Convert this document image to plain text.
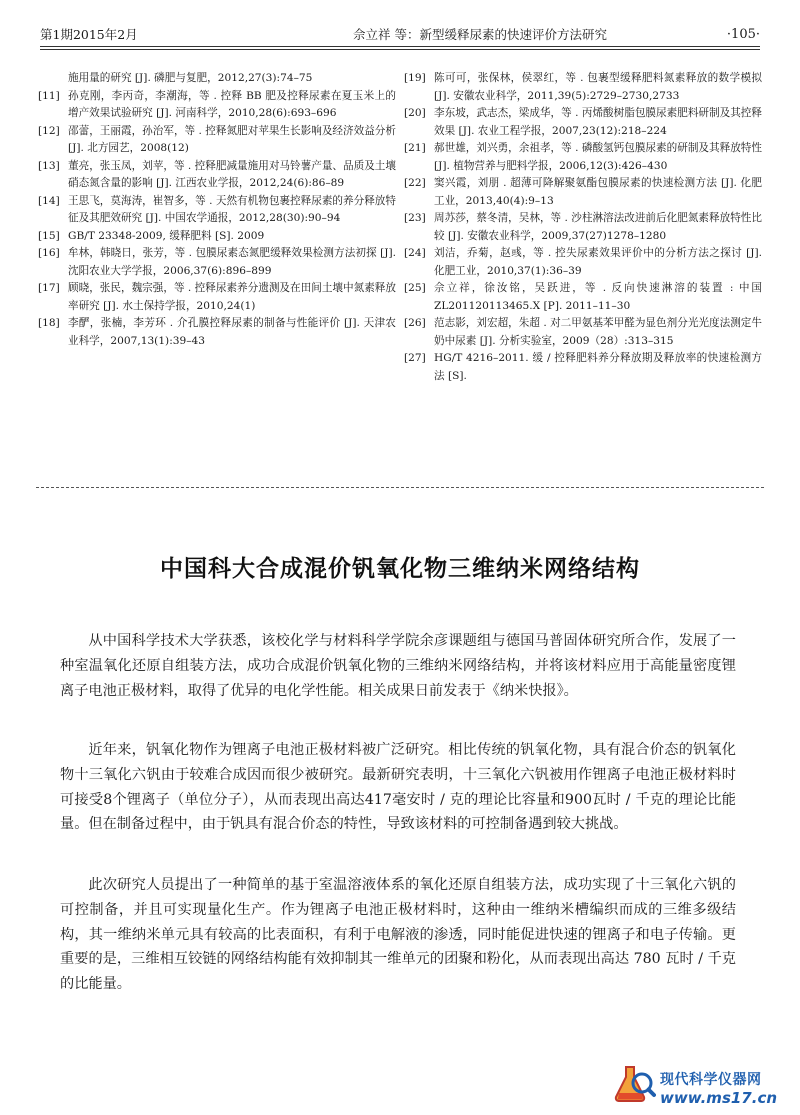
第1期2015年2月	佘立祥 等：新型缓释尿素的快速评价方法研究	·105·
施用量的研究 [J]. 磷肥与复肥，2012,27(3):74–75
[11] 孙克刚，李丙奇，李潮海，等 . 控释 BB 肥及控释尿素在夏玉米上的增产效果试验研究 [J]. 河南科学，2010,28(6):693–696
[12] 邵蕾，王丽霞，孙治军，等 . 控释氮肥对苹果生长影响及经济效益分析 [J]. 北方园艺，2008(12)
[13] 董亮，张玉凤，刘苹，等 . 控释肥减量施用对马铃薯产量、品质及土壤硝态氮含量的影响 [J]. 江西农业学报，2012,24(6):86–89
[14] 王思飞，莫海涛，崔智多，等 . 天然有机物包裹控释尿素的养分释放特征及其肥效研究 [J]. 中国农学通报，2012,28(30):90–94
[15] GB/T 23348-2009, 缓释肥料 [S]. 2009
[16] 牟林，韩晓日，张芳，等 . 包膜尿素态氮肥缓释效果检测方法初探 [J]. 沈阳农业大学学报，2006,37(6):896–899
[17] 顾晓，张民，魏宗强，等 . 控释尿素养分遗测及在田间土壤中氮素释放率研究 [J]. 水土保持学报，2010,24(1)
[18] 李酽，张楠，李芳环 . 介孔膜控释尿素的制备与性能评价 [J]. 天津农业科学，2007,13(1):39–43
[19] 陈可可，张保林，侯翠红，等 . 包裹型缓释肥料氮素释放的数学模拟 [J]. 安徽农业科学，2011,39(5):2729–2730,2733
[20] 李东坡，武志杰，梁成华，等 . 丙烯酸树脂包膜尿素肥料研制及其控释效果 [J]. 农业工程学报，2007,23(12):218–224
[21] 郝世雄，刘兴勇，余祖孝，等 . 磷酸氢钙包膜尿素的研制及其释放特性 [J]. 植物营养与肥料学报，2006,12(3):426–430
[22] 窦兴霞，刘朋 . 超薄可降解聚氨酯包膜尿素的快速检测方法 [J]. 化肥工业，2013,40(4):9–13
[23] 周苏莎，蔡冬清，吴林，等 . 沙柱淋溶法改进前后化肥氮素释放特性比较 [J]. 安徽农业科学，2009,37(27)1278–1280
[24] 刘洁，乔菊，赵彧，等 . 控失尿素效果评价中的分析方法之探讨 [J]. 化肥工业，2010,37(1):36–39
[25] 佘立祥，徐汝铭，吴跃进，等 . 反向快速淋溶的装置 : 中国 ZL201120113465.X [P]. 2011–11–30
[26] 范志影，刘宏超，朱超 . 对二甲氨基苯甲醛为显色剂分光光度法测定牛奶中尿素 [J]. 分析实验室，2009（28）:313–315
[27] HG/T 4216–2011. 缓 / 控释肥料养分释放期及释放率的快速检测方法 [S].
中国科大合成混价钒氧化物三维纳米网络结构
从中国科学技术大学获悉，该校化学与材料科学学院余彦课题组与德国马普固体研究所合作，发展了一种室温氧化还原自组装方法，成功合成混价钒氧化物的三维纳米网络结构，并将该材料应用于高能量密度锂离子电池正极材料，取得了优异的电化学性能。相关成果日前发表于《纳米快报》。
近年来，钒氧化物作为锂离子电池正极材料被广泛研究。相比传统的钒氧化物，具有混合价态的钒氧化物十三氧化六钒由于较难合成因而很少被研究。最新研究表明，十三氧化六钒被用作锂离子电池正极材料时可接受8个锂离子（单位分子），从而表现出高达417毫安时 / 克的理论比容量和900瓦时 / 千克的理论比能量。但在制备过程中，由于钒具有混合价态的特性，导致该材料的可控制备遇到较大挑战。
此次研究人员提出了一种简单的基于室温溶液体系的氧化还原自组装方法，成功实现了十三氧化六钒的可控制备，并且可实现量化生产。作为锂离子电池正极材料时，这种由一维纳米槽编织而成的三维多级结构，其一维纳米单元具有较高的比表面积，有利于电解液的渗透，同时能促进快速的锂离子和电子传输。更重要的是，三维相互铰链的网络结构能有效抑制其一维单元的团聚和粉化，从而表现出高达 780 瓦时 / 千克的比能量。
现代科学仪器网
www.ms17.cn
